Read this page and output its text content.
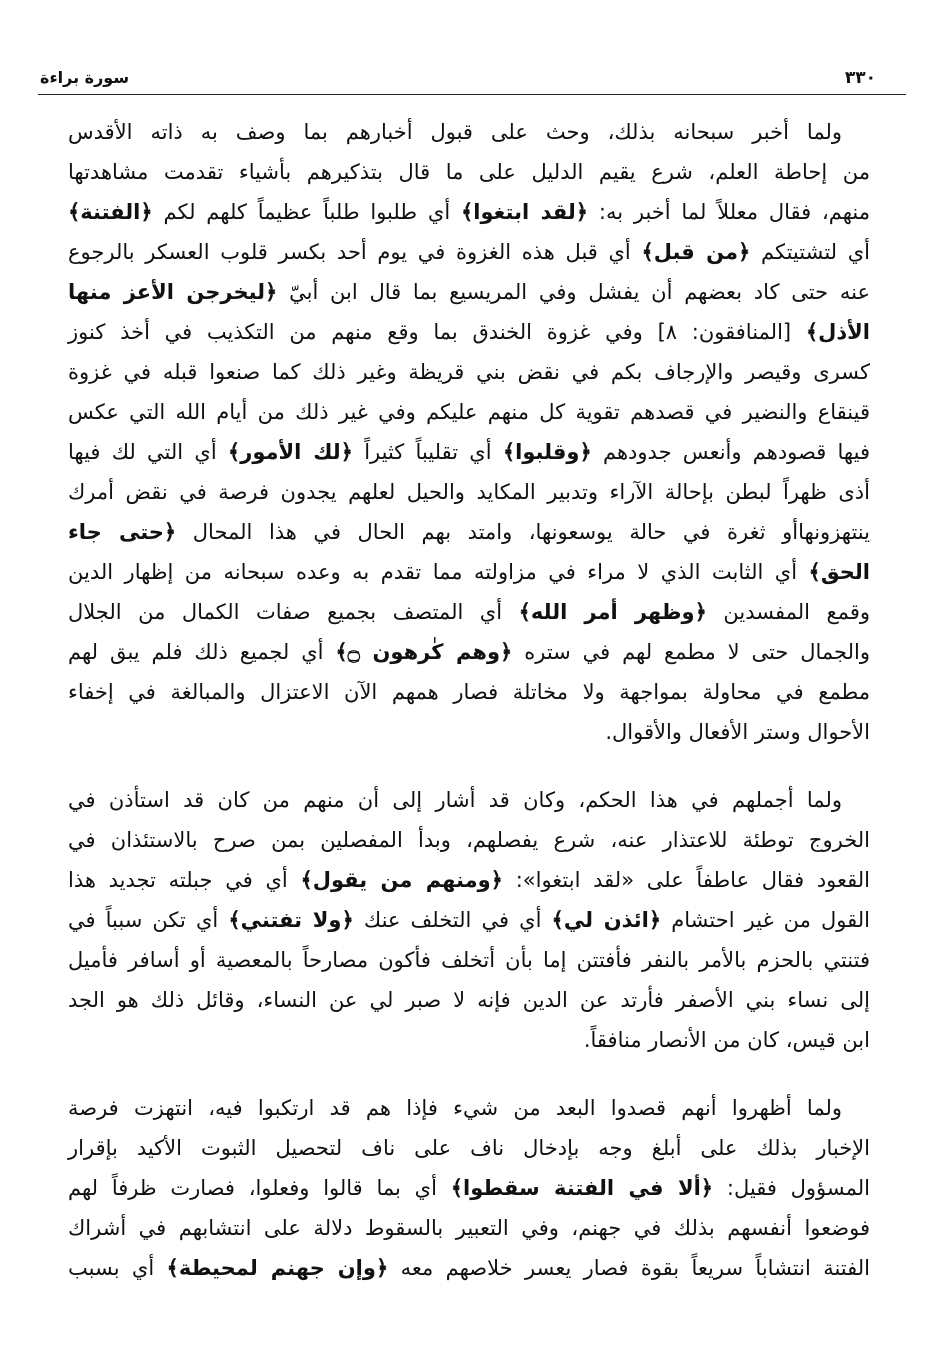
٣٣٠
سورة براءة
ولما أخبر سبحانه بذلك، وحث على قبول أخبارهم بما وصف به ذاته الأقدس
من إحاطة العلم، شرع يقيم الدليل على ما قال بتذكيرهم بأشياء تقدمت مشاهدتها
منهم، فقال معللاً لما أخبر به: ﴿لقد ابتغوا﴾ أي طلبوا طلباً عظيماً كلهم لكم ﴿الفتنة﴾
أي لتشتيتكم ﴿من قبل﴾ أي قبل هذه الغزوة في يوم أحد بكسر قلوب العسكر بالرجوع
عنه حتى كاد بعضهم أن يفشل وفي المريسيع بما قال ابن أبيّ ﴿ليخرجن الأعز منها
الأذل﴾ [المنافقون: ٨] وفي غزوة الخندق بما وقع منهم من التكذيب في أخذ كنوز
كسرى وقيصر والإرجاف بكم في نقض بني قريظة وغير ذلك كما صنعوا قبله في غزوة
قينقاع والنضير في قصدهم تقوية كل منهم عليكم وفي غير ذلك من أيام الله التي عكس
فيها قصودهم وأنعس جدودهم ﴿وقلبوا﴾ أي تقليباً كثيراً ﴿لك الأمور﴾ أي التي لك فيها
أذى ظهراً لبطن بإحالة الآراء وتدبير المكايد والحيل لعلهم يجدون فرصة في نقض أمرك
ينتهزونهاأو ثغرة في حالة يوسعونها، وامتد بهم الحال في هذا المحال ﴿حتى جاء
الحق﴾ أي الثابت الذي لا مراء في مزاولته مما تقدم به وعده سبحانه من إظهار الدين
وقمع المفسدين ﴿وظهر أمر الله﴾ أي المتصف بجميع صفات الكمال من الجلال
والجمال حتى لا مطمع لهم في ستره ﴿وهم كٰرهون ۝﴾ أي لجميع ذلك فلم يبق لهم
مطمع في محاولة بمواجهة ولا مخاتلة فصار همهم الآن الاعتزال والمبالغة في إخفاء
الأحوال وستر الأفعال والأقوال.
ولما أجملهم في هذا الحكم، وكان قد أشار إلى أن منهم من كان قد استأذن في
الخروج توطئة للاعتذار عنه، شرع يفصلهم، وبدأ المفصلين بمن صرح بالاستئذان في
القعود فقال عاطفاً على «لقد ابتغوا»: ﴿ومنهم من يقول﴾ أي في جبلته تجديد هذا
القول من غير احتشام ﴿ائذن لي﴾ أي في التخلف عنك ﴿ولا تفتني﴾ أي تكن سبباً في
فتنتي بالحزم بالأمر بالنفر فأفتتن إما بأن أتخلف فأكون مصارحاً بالمعصية أو أسافر فأميل
إلى نساء بني الأصفر فأرتد عن الدين فإنه لا صبر لي عن النساء، وقائل ذلك هو الجد
ابن قيس، كان من الأنصار منافقاً.
ولما أظهروا أنهم قصدوا البعد من شيء فإذا هم قد ارتكبوا فيه، انتهزت فرصة
الإخبار بذلك على أبلغ وجه بإدخال ناف على ناف لتحصيل الثبوت الأكيد بإقرار
المسؤول فقيل: ﴿ألا في الفتنة سقطوا﴾ أي بما قالوا وفعلوا، فصارت ظرفاً لهم
فوضعوا أنفسهم بذلك في جهنم، وفي التعبير بالسقوط دلالة على انتشابهم في أشراك
الفتنة انتشاباً سريعاً بقوة فصار يعسر خلاصهم معه ﴿وإن جهنم لمحيطة﴾ أي بسبب
